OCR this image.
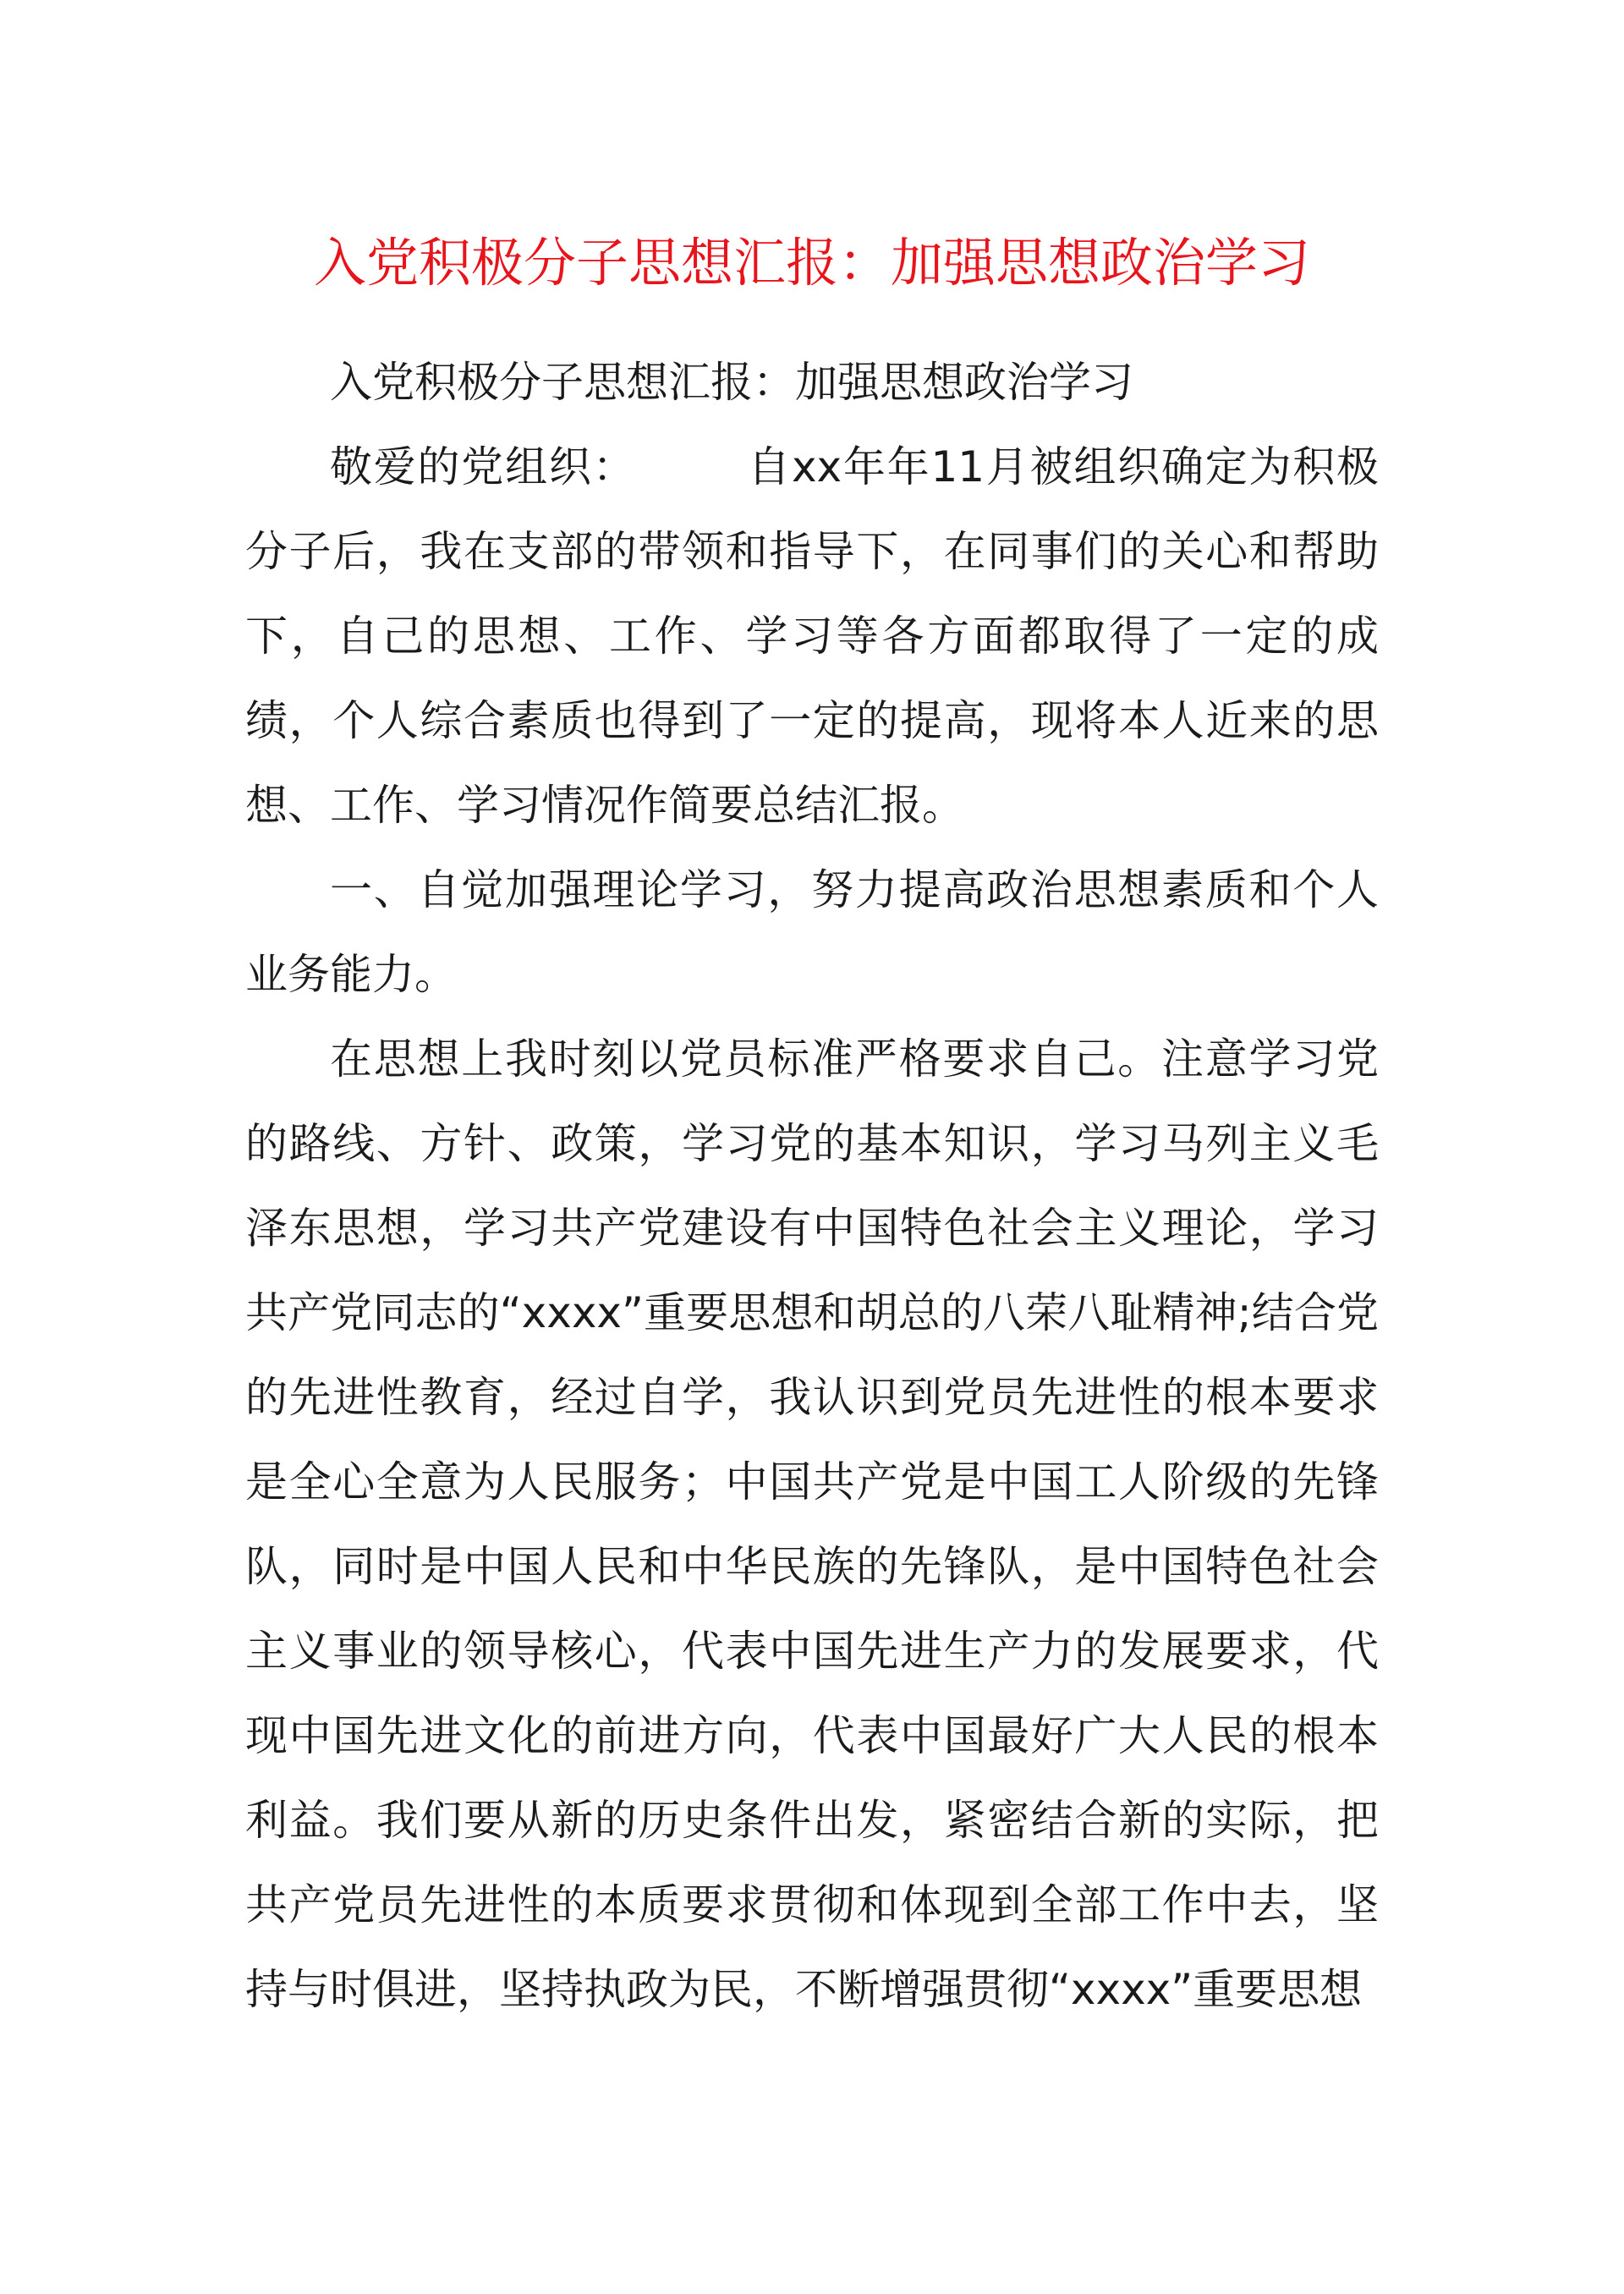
入党积极分子思想汇报：加强思想政治学习

入党积极分子思想汇报：加强思想政治学习

敬爱的党组织：	自xx年年11月被组织确定为积极分子后，我在支部的带领和指导下，在同事们的关心和帮助下，自己的思想、工作、学习等各方面都取得了一定的成绩，个人综合素质也得到了一定的提高，现将本人近来的思想、工作、学习情况作简要总结汇报。

一、自觉加强理论学习，努力提高政治思想素质和个人业务能力。

在思想上我时刻以党员标准严格要求自己。注意学习党的路线、方针、政策，学习党的基本知识，学习马列主义毛泽东思想，学习共产党建设有中国特色社会主义理论，学习共产党同志的“xxxx”重要思想和胡总的八荣八耻精神;结合党的先进性教育，经过自学，我认识到党员先进性的根本要求是全心全意为人民服务；中国共产党是中国工人阶级的先锋队，同时是中国人民和中华民族的先锋队，是中国特色社会主义事业的领导核心，代表中国先进生产力的发展要求，代现中国先进文化的前进方向，代表中国最好广大人民的根本利益。我们要从新的历史条件出发，紧密结合新的实际，把共产党员先进性的本质要求贯彻和体现到全部工作中去，坚持与时俱进，坚持执政为民，不断增强贯彻“xxxx”重要思想
